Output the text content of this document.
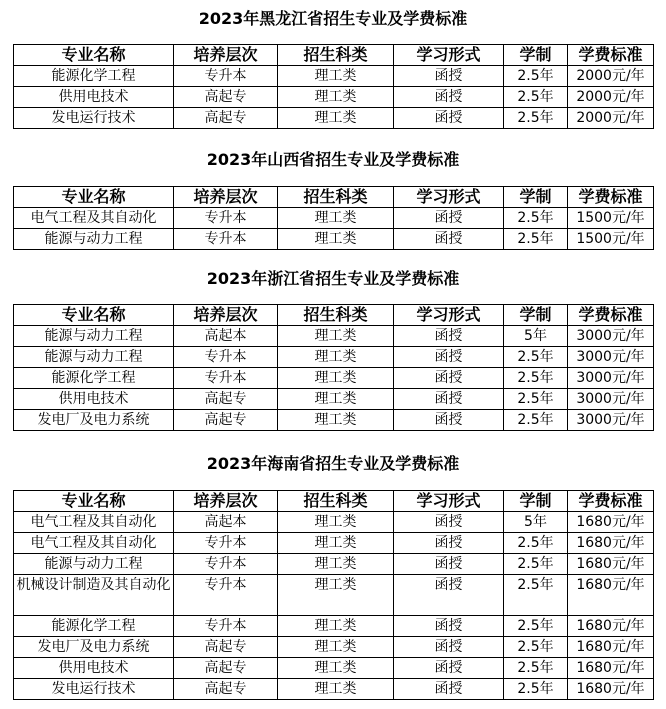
2023年黑龙江省招生专业及学费标准
专业名称	培养层次	招生科类	学习形式	学制	学费标准
能源化学工程	专升本	理工类	函授	2.5年	2000元/年
供用电技术	高起专	理工类	函授	2.5年	2000元/年
发电运行技术	高起专	理工类	函授	2.5年	2000元/年
2023年山西省招生专业及学费标准
专业名称	培养层次	招生科类	学习形式	学制	学费标准
电气工程及其自动化	专升本	理工类	函授	2.5年	1500元/年
能源与动力工程	专升本	理工类	函授	2.5年	1500元/年
2023年浙江省招生专业及学费标准
专业名称	培养层次	招生科类	学习形式	学制	学费标准
能源与动力工程	高起本	理工类	函授	5年	3000元/年
能源与动力工程	专升本	理工类	函授	2.5年	3000元/年
能源化学工程	专升本	理工类	函授	2.5年	3000元/年
供用电技术	高起专	理工类	函授	2.5年	3000元/年
发电厂及电力系统	高起专	理工类	函授	2.5年	3000元/年
2023年海南省招生专业及学费标准
专业名称	培养层次	招生科类	学习形式	学制	学费标准
电气工程及其自动化	高起本	理工类	函授	5年	1680元/年
电气工程及其自动化	专升本	理工类	函授	2.5年	1680元/年
能源与动力工程	专升本	理工类	函授	2.5年	1680元/年
机械设计制造及其自动化	专升本	理工类	函授	2.5年	1680元/年
能源化学工程	专升本	理工类	函授	2.5年	1680元/年
发电厂及电力系统	高起专	理工类	函授	2.5年	1680元/年
供用电技术	高起专	理工类	函授	2.5年	1680元/年
发电运行技术	高起专	理工类	函授	2.5年	1680元/年
